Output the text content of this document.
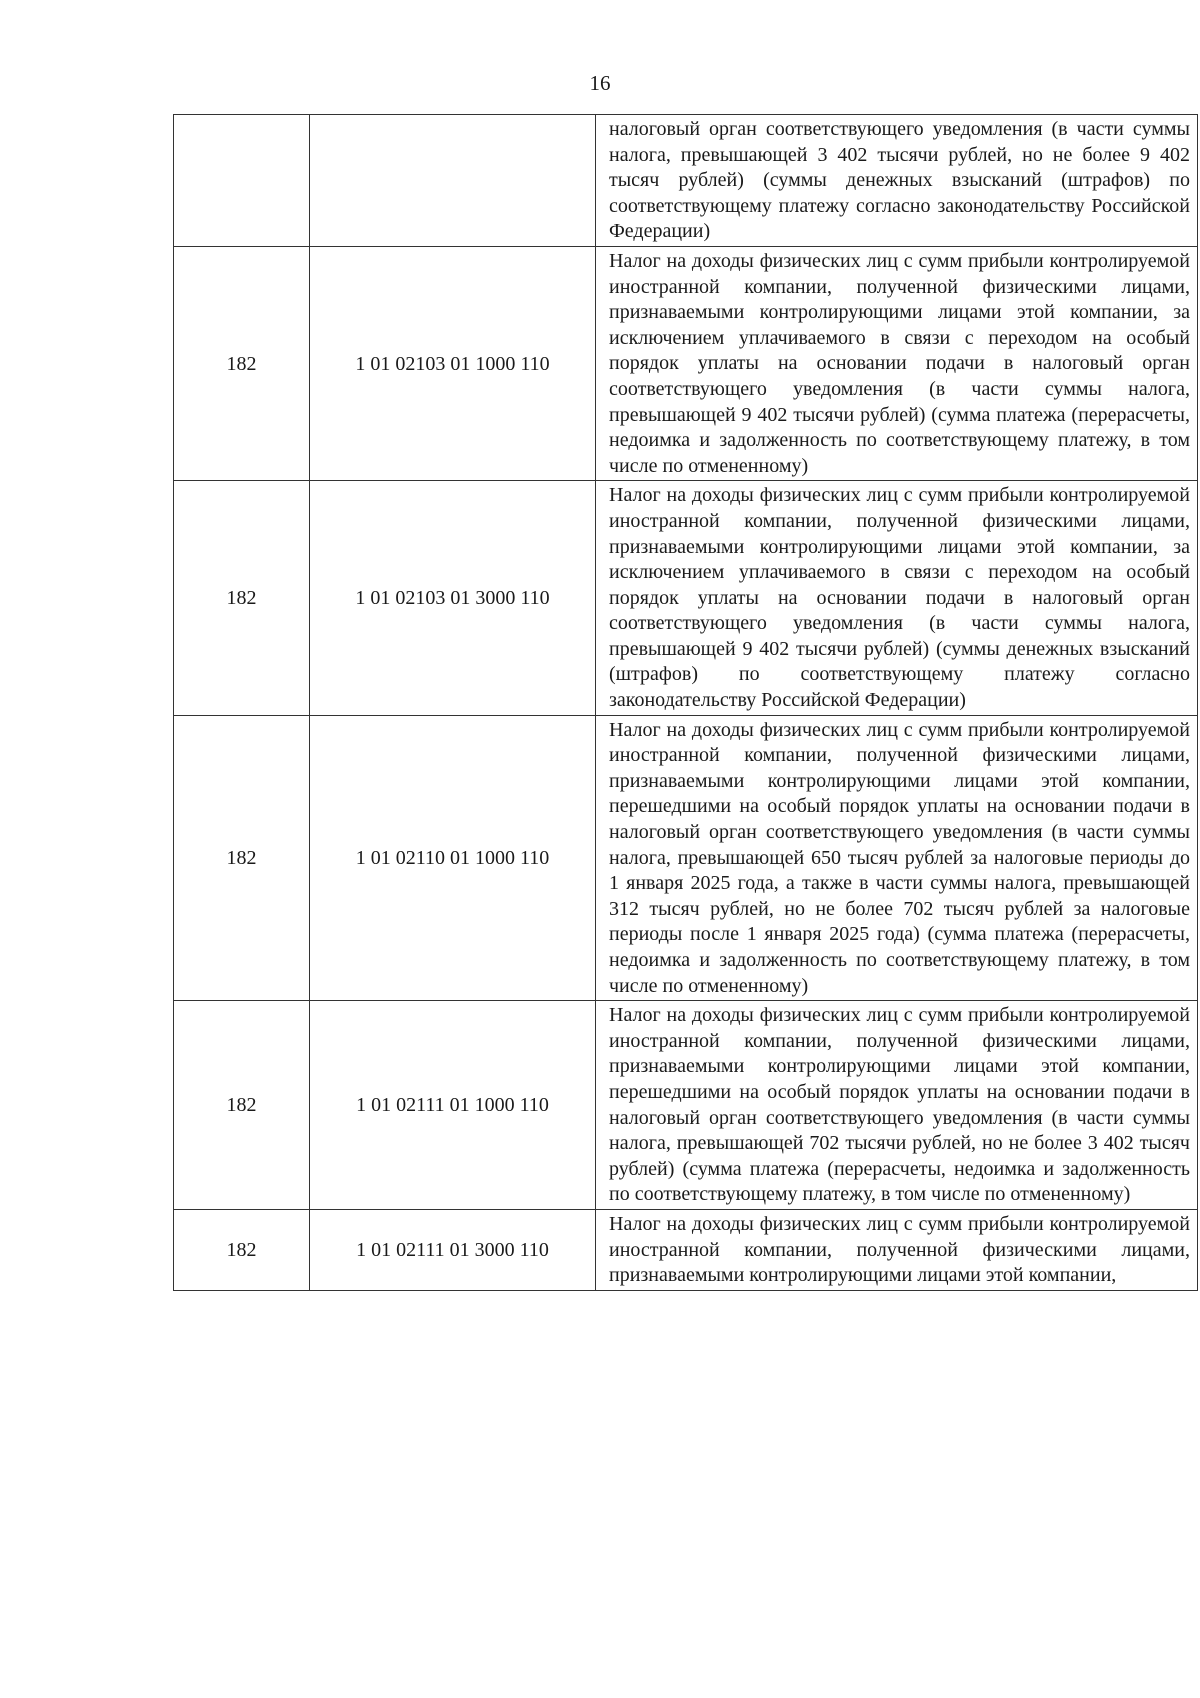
16

		налоговый орган соответствующего уведомления (в части суммы налога, превышающей 3 402 тысячи рублей, но не более 9 402 тысяч рублей) (суммы денежных взысканий (штрафов) по соответствующему платежу согласно законодательству Российской Федерации)

182	1 01 02103 01 1000 110	Налог на доходы физических лиц с сумм прибыли контролируемой иностранной компании, полученной физическими лицами, признаваемыми контролирующими лицами этой компании, за исключением уплачиваемого в связи с переходом на особый порядок уплаты на основании подачи в налоговый орган соответствующего уведомления (в части суммы налога, превышающей 9 402 тысячи рублей) (сумма платежа (перерасчеты, недоимка и задолженность по соответствующему платежу, в том числе по отмененному)

182	1 01 02103 01 3000 110	Налог на доходы физических лиц с сумм прибыли контролируемой иностранной компании, полученной физическими лицами, признаваемыми контролирующими лицами этой компании, за исключением уплачиваемого в связи с переходом на особый порядок уплаты на основании подачи в налоговый орган соответствующего уведомления (в части суммы налога, превышающей 9 402 тысячи рублей) (суммы денежных взысканий (штрафов) по соответствующему платежу согласно законодательству Российской Федерации)

182	1 01 02110 01 1000 110	Налог на доходы физических лиц с сумм прибыли контролируемой иностранной компании, полученной физическими лицами, признаваемыми контролирующими лицами этой компании, перешедшими на особый порядок уплаты на основании подачи в налоговый орган соответствующего уведомления (в части суммы налога, превышающей 650 тысяч рублей за налоговые периоды до 1 января 2025 года, а также в части суммы налога, превышающей 312 тысяч рублей, но не более 702 тысяч рублей за налоговые периоды после 1 января 2025 года) (сумма платежа (перерасчеты, недоимка и задолженность по соответствующему платежу, в том числе по отмененному)

182	1 01 02111 01 1000 110	Налог на доходы физических лиц с сумм прибыли контролируемой иностранной компании, полученной физическими лицами, признаваемыми контролирующими лицами этой компании, перешедшими на особый порядок уплаты на основании подачи в налоговый орган соответствующего уведомления (в части суммы налога, превышающей 702 тысячи рублей, но не более 3 402 тысяч рублей) (сумма платежа (перерасчеты, недоимка и задолженность по соответствующему платежу, в том числе по отмененному)

182	1 01 02111 01 3000 110	Налог на доходы физических лиц с сумм прибыли контролируемой иностранной компании, полученной физическими лицами, признаваемыми контролирующими лицами этой компании,
